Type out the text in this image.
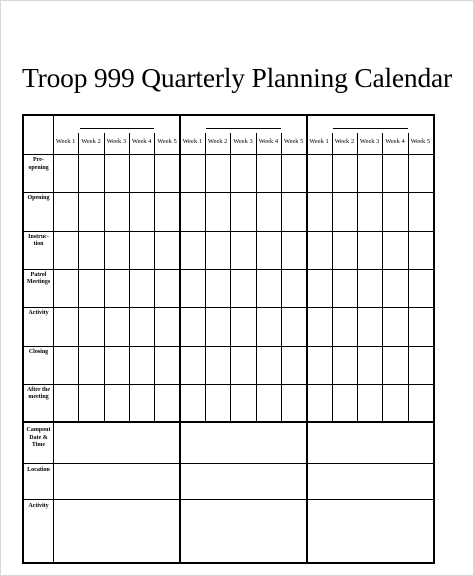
Troop 999 Quarterly Planning Calendar
Week 1 Week 2 Week 3 Week 4 Week 5 Week 1 Week 2 Week 3 Week 4 Week 5 Week 1 Week 2 Week 3 Week 4 Week 5
Pre-
opening
Opening
Instruc-
tion
Patrol
Meetings
Activity
Closing
After the
meeting
Campout
Date &
Time
Location
Activity
